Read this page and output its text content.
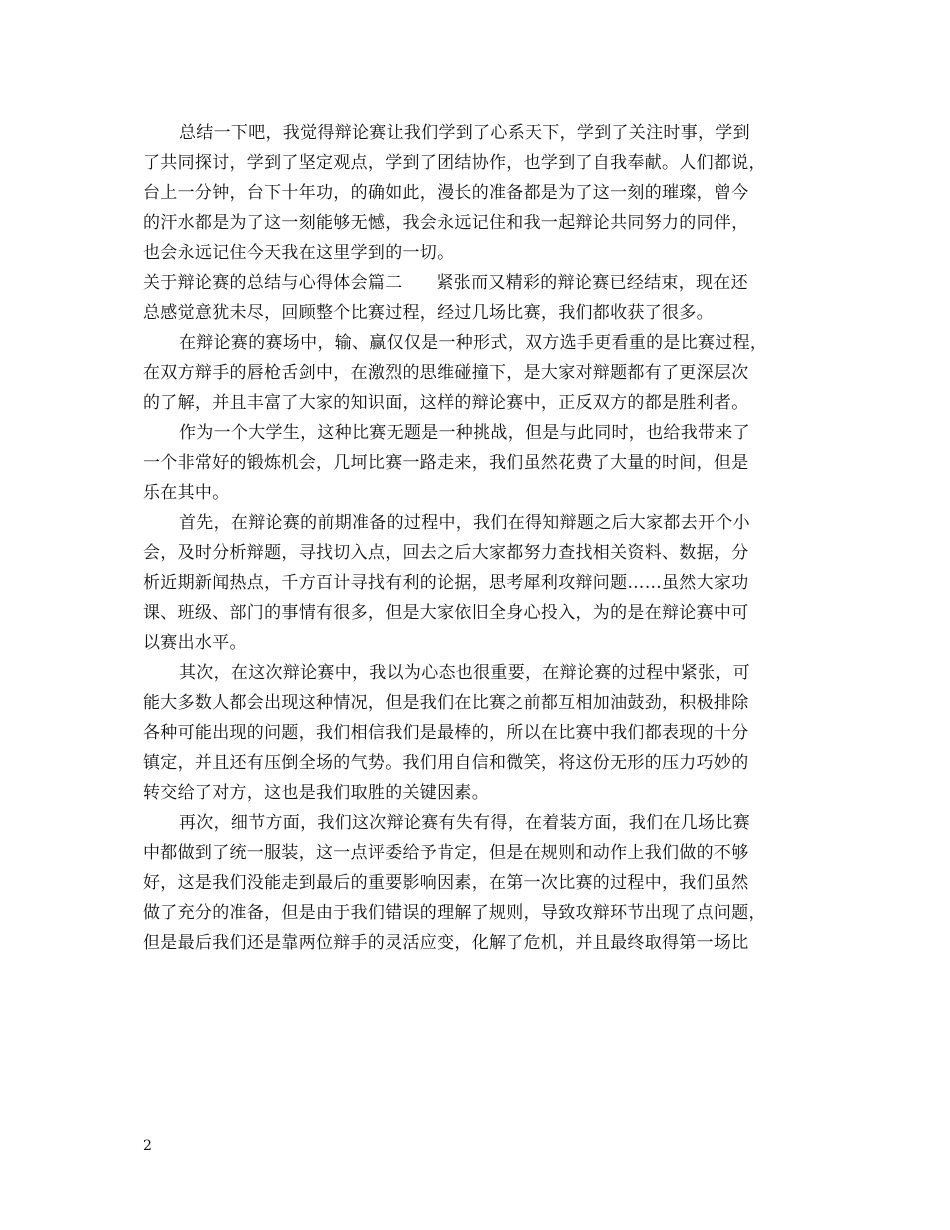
总结一下吧，我觉得辩论赛让我们学到了心系天下，学到了关注时事，学到
了共同探讨，学到了坚定观点，学到了团结协作，也学到了自我奉献。人们都说，
台上一分钟，台下十年功，的确如此，漫长的准备都是为了这一刻的璀璨，曾今
的汗水都是为了这一刻能够无憾，我会永远记住和我一起辩论共同努力的同伴，
也会永远记住今天我在这里学到的一切。
关于辩论赛的总结与心得体会篇二 紧张而又精彩的辩论赛已经结束，现在还
总感觉意犹未尽，回顾整个比赛过程，经过几场比赛，我们都收获了很多。
在辩论赛的赛场中，输、赢仅仅是一种形式，双方选手更看重的是比赛过程，
在双方辩手的唇枪舌剑中，在激烈的思维碰撞下，是大家对辩题都有了更深层次
的了解，并且丰富了大家的知识面，这样的辩论赛中，正反双方的都是胜利者。
作为一个大学生，这种比赛无题是一种挑战，但是与此同时，也给我带来了
一个非常好的锻炼机会，几坷比赛一路走来，我们虽然花费了大量的时间，但是
乐在其中。
首先，在辩论赛的前期准备的过程中，我们在得知辩题之后大家都去开个小
会，及时分析辩题，寻找切入点，回去之后大家都努力查找相关资料、数据，分
析近期新闻热点，千方百计寻找有利的论据，思考犀利攻辩问题……虽然大家功
课、班级、部门的事情有很多，但是大家依旧全身心投入，为的是在辩论赛中可
以赛出水平。
其次，在这次辩论赛中，我以为心态也很重要，在辩论赛的过程中紧张，可
能大多数人都会出现这种情况，但是我们在比赛之前都互相加油鼓劲，积极排除
各种可能出现的问题，我们相信我们是最棒的，所以在比赛中我们都表现的十分
镇定，并且还有压倒全场的气势。我们用自信和微笑，将这份无形的压力巧妙的
转交给了对方，这也是我们取胜的关键因素。
再次，细节方面，我们这次辩论赛有失有得，在着装方面，我们在几场比赛
中都做到了统一服装，这一点评委给予肯定，但是在规则和动作上我们做的不够
好，这是我们没能走到最后的重要影响因素，在第一次比赛的过程中，我们虽然
做了充分的准备，但是由于我们错误的理解了规则，导致攻辩环节出现了点问题，
但是最后我们还是靠两位辩手的灵活应变，化解了危机，并且最终取得第一场比
2
